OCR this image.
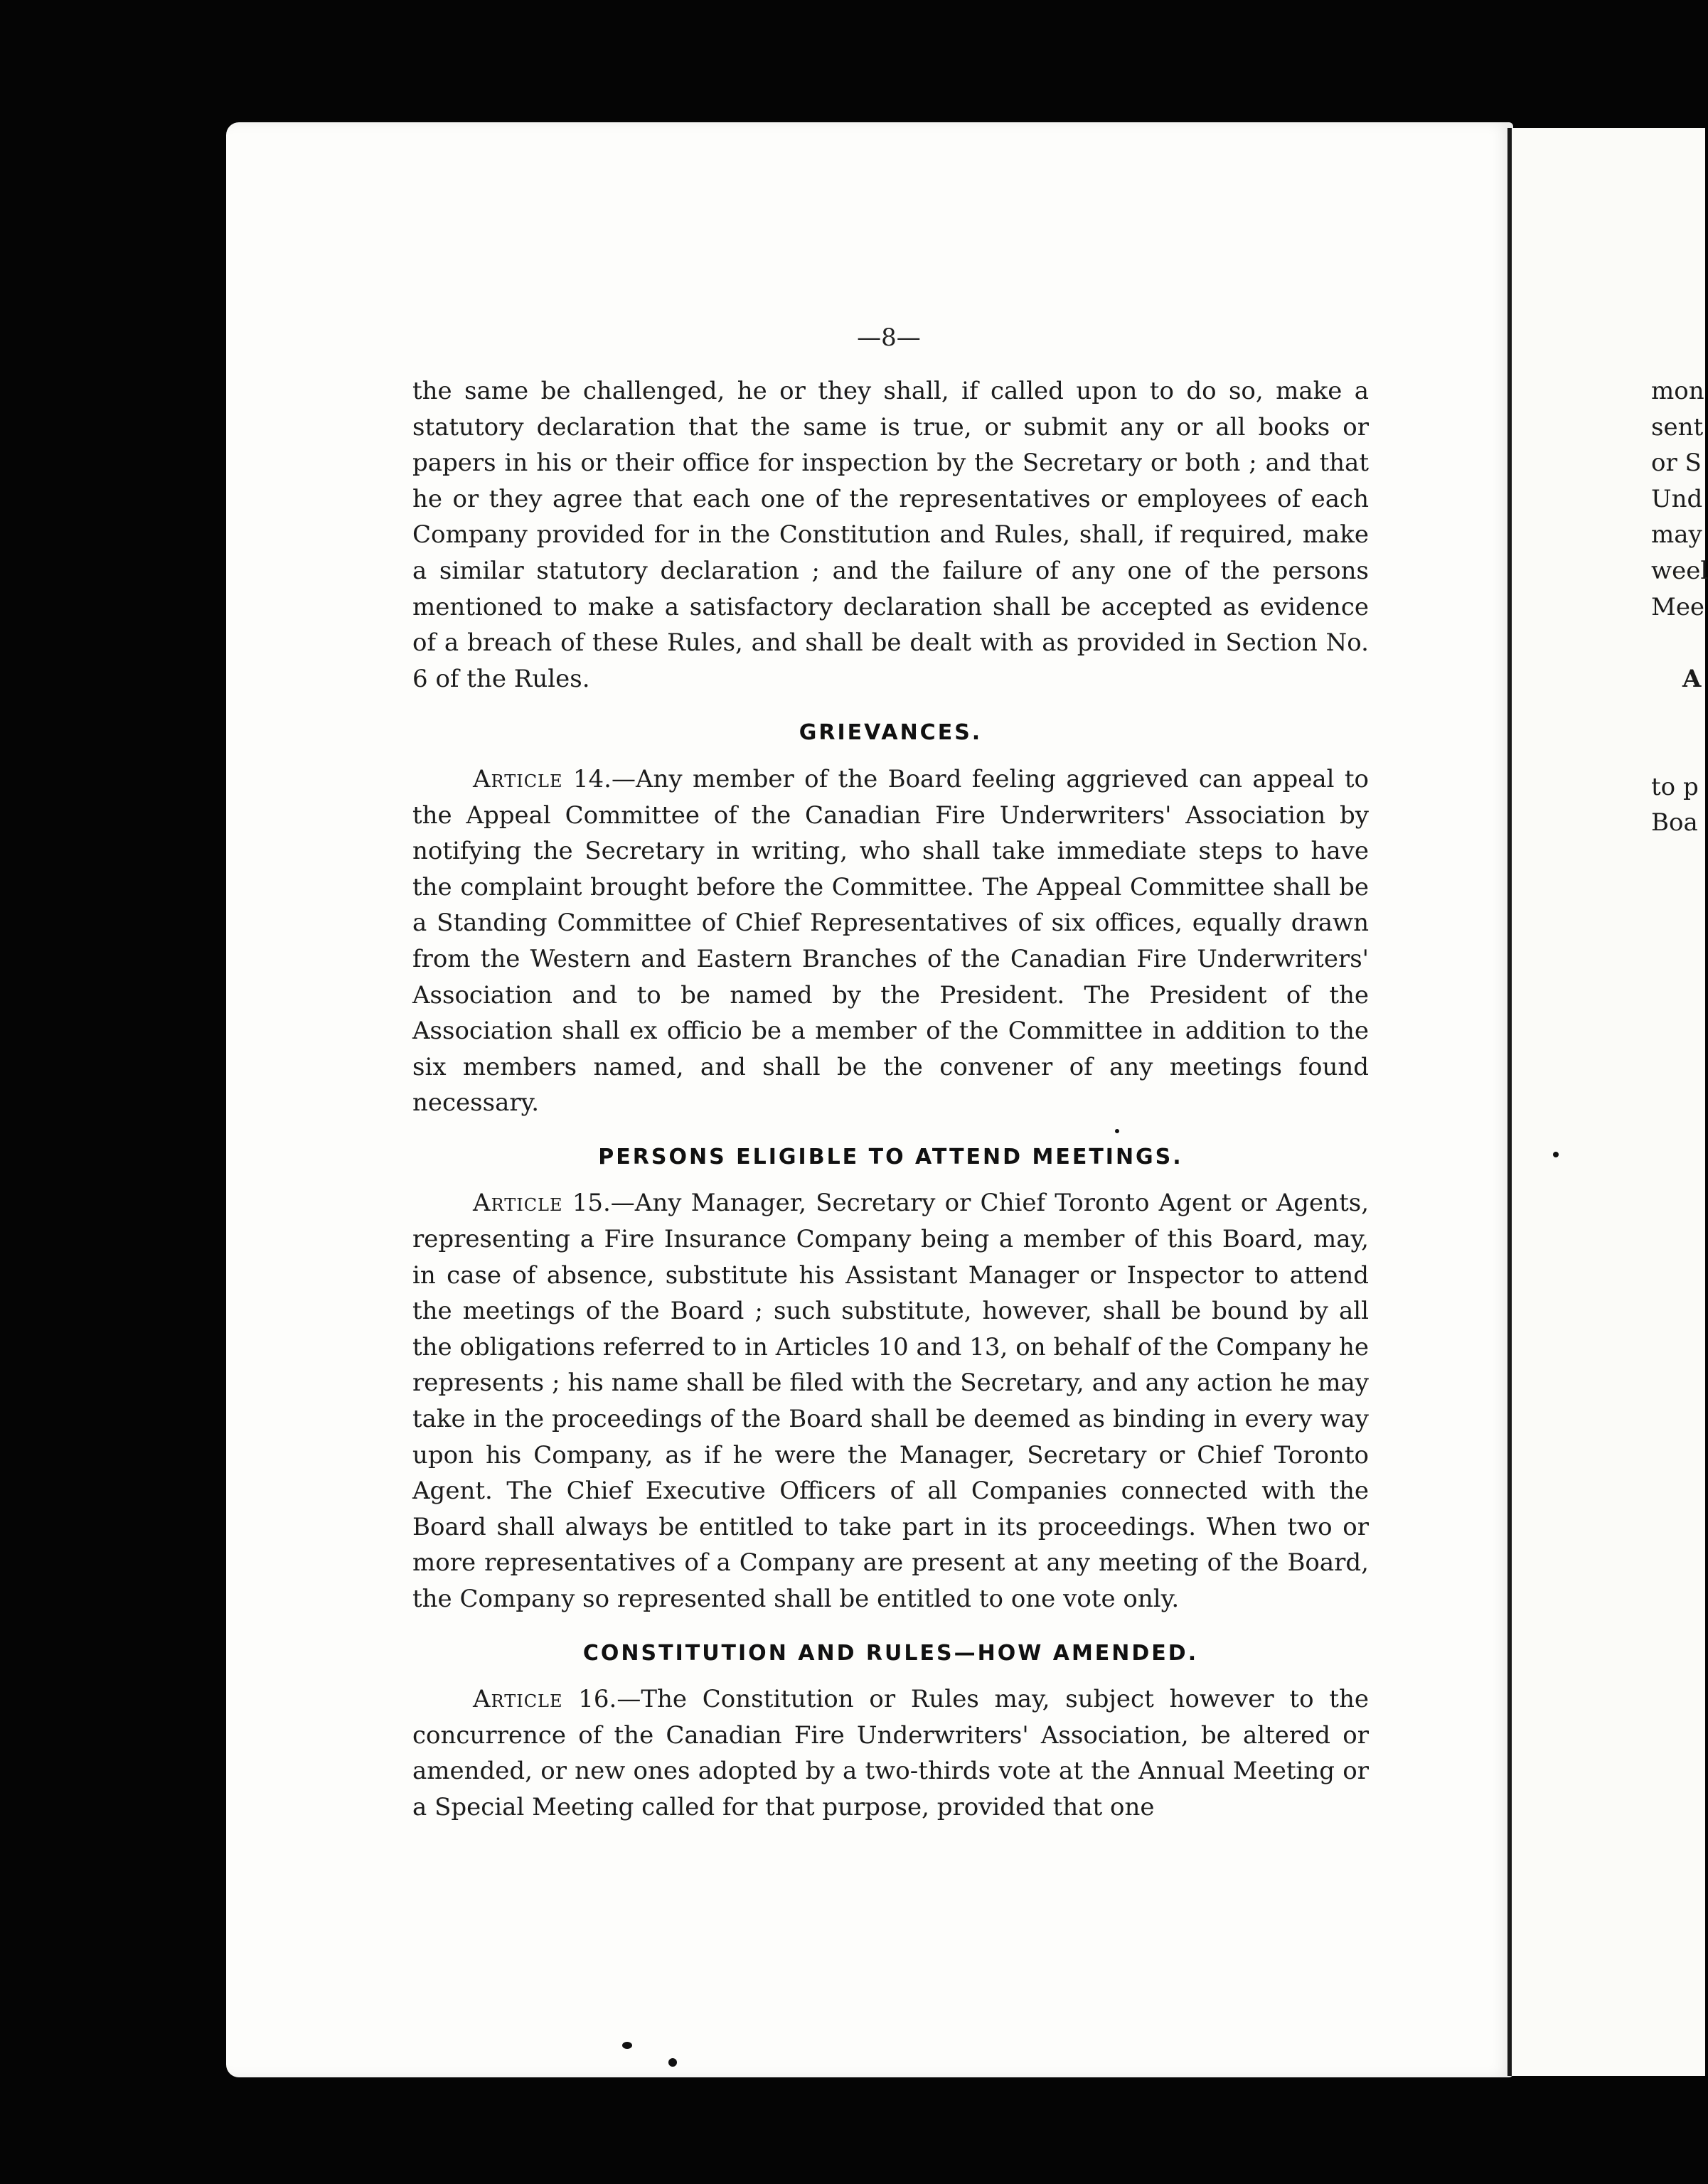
—8—

the same be challenged, he or they shall, if called upon to do so, make a statutory declaration that the same is true, or submit any or all books or papers in his or their office for inspection by the Secretary or both ; and that he or they agree that each one of the representatives or employees of each Company provided for in the Constitution and Rules, shall, if required, make a similar statutory declaration ; and the failure of any one of the persons mentioned to make a satisfactory declaration shall be accepted as evidence of a breach of these Rules, and shall be dealt with as provided in Section No. 6 of the Rules.

GRIEVANCES.

Article 14.—Any member of the Board feeling aggrieved can appeal to the Appeal Committee of the Canadian Fire Underwriters' Association by notifying the Secretary in writing, who shall take immediate steps to have the complaint brought before the Committee. The Appeal Committee shall be a Standing Committee of Chief Representatives of six offices, equally drawn from the Western and Eastern Branches of the Canadian Fire Underwriters' Association and to be named by the President. The President of the Association shall ex officio be a member of the Committee in addition to the six members named, and shall be the convener of any meetings found necessary.

PERSONS ELIGIBLE TO ATTEND MEETINGS.

Article 15.—Any Manager, Secretary or Chief Toronto Agent or Agents, representing a Fire Insurance Company being a member of this Board, may, in case of absence, substitute his Assistant Manager or Inspector to attend the meetings of the Board ; such substitute, however, shall be bound by all the obligations referred to in Articles 10 and 13, on behalf of the Company he represents ; his name shall be filed with the Secretary, and any action he may take in the proceedings of the Board shall be deemed as binding in every way upon his Company, as if he were the Manager, Secretary or Chief Toronto Agent. The Chief Executive Officers of all Companies connected with the Board shall always be entitled to take part in its proceedings. When two or more representatives of a Company are present at any meeting of the Board, the Company so represented shall be entitled to one vote only.

CONSTITUTION AND RULES—HOW AMENDED.

Article 16.—The Constitution or Rules may, subject however to the concurrence of the Canadian Fire Underwriters' Association, be altered or amended, or new ones adopted by a two-thirds vote at the Annual Meeting or a Special Meeting called for that purpose, provided that one

mon
sent
or S
Und
may
weel
Mee
A
to p
Boa
